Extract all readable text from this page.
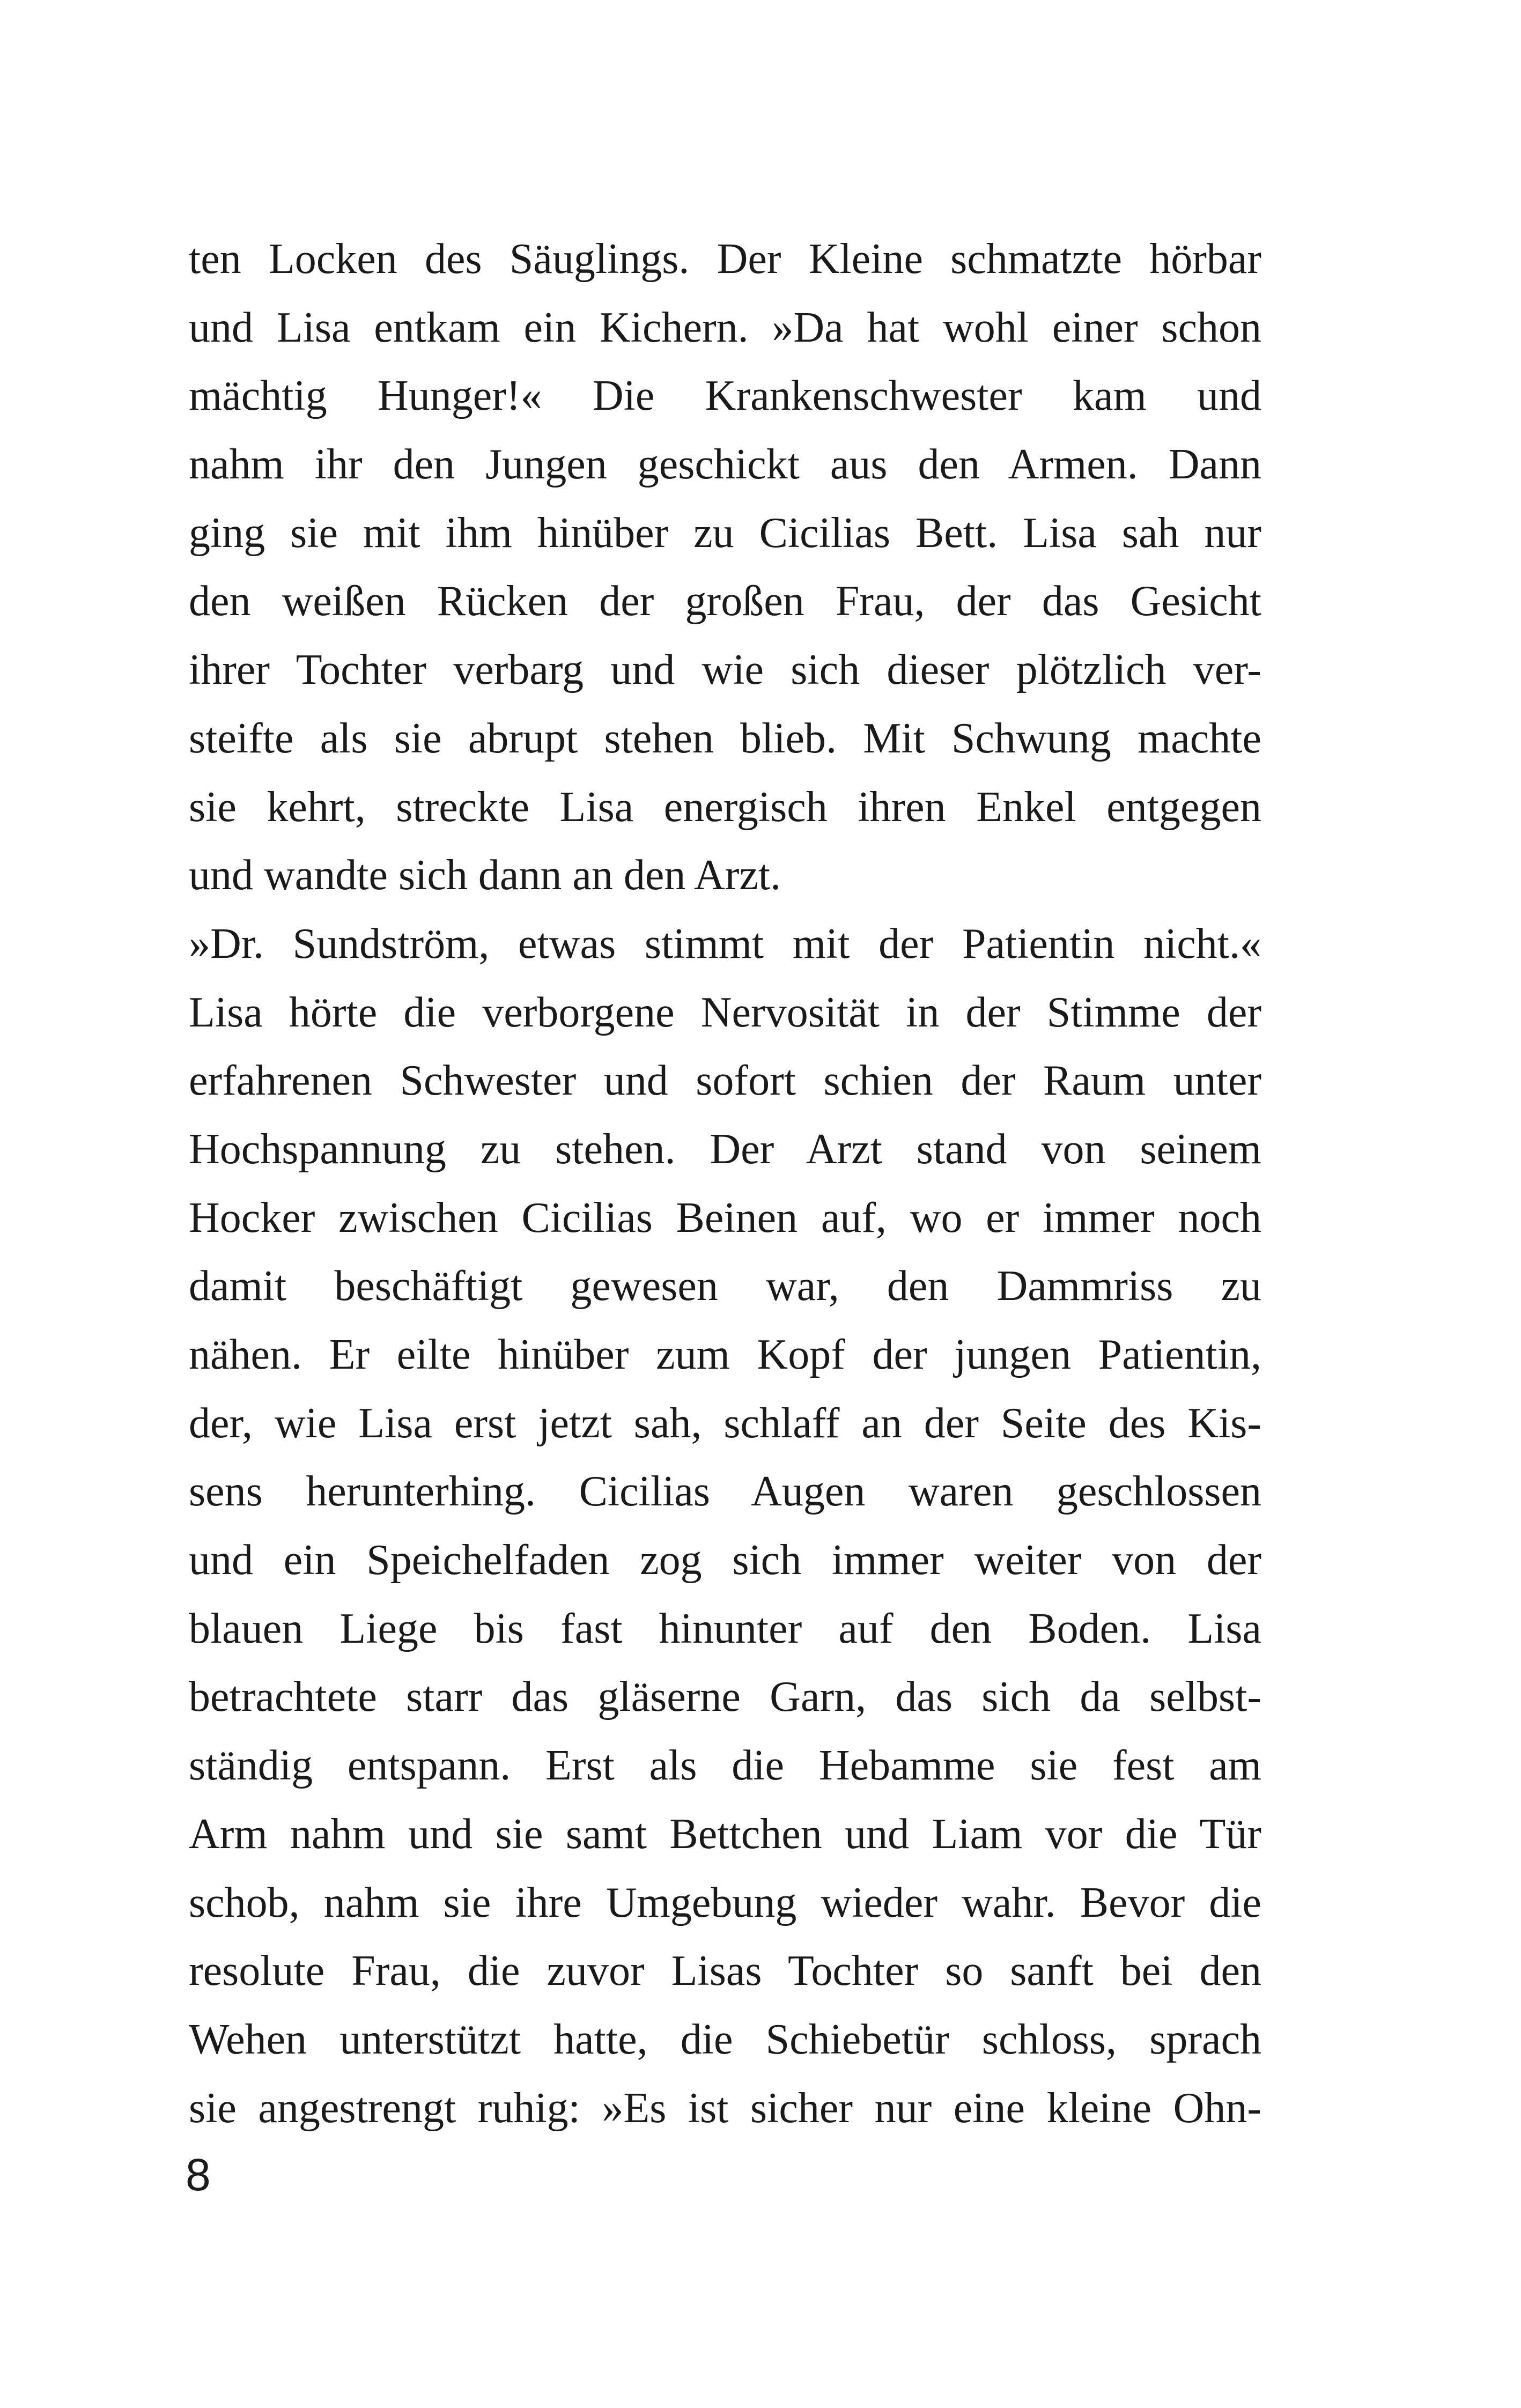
ten Locken des Säuglings. Der Kleine schmatzte hörbar
und Lisa entkam ein Kichern. »Da hat wohl einer schon
mächtig Hunger!« Die Krankenschwester kam und
nahm ihr den Jungen geschickt aus den Armen. Dann
ging sie mit ihm hinüber zu Cicilias Bett. Lisa sah nur
den weißen Rücken der großen Frau, der das Gesicht
ihrer Tochter verbarg und wie sich dieser plötzlich ver-
steifte als sie abrupt stehen blieb. Mit Schwung machte
sie kehrt, streckte Lisa energisch ihren Enkel entgegen
und wandte sich dann an den Arzt.
»Dr. Sundström, etwas stimmt mit der Patientin nicht.«
Lisa hörte die verborgene Nervosität in der Stimme der
erfahrenen Schwester und sofort schien der Raum unter
Hochspannung zu stehen. Der Arzt stand von seinem
Hocker zwischen Cicilias Beinen auf, wo er immer noch
damit beschäftigt gewesen war, den Dammriss zu
nähen. Er eilte hinüber zum Kopf der jungen Patientin,
der, wie Lisa erst jetzt sah, schlaff an der Seite des Kis-
sens herunterhing. Cicilias Augen waren geschlossen
und ein Speichelfaden zog sich immer weiter von der
blauen Liege bis fast hinunter auf den Boden. Lisa
betrachtete starr das gläserne Garn, das sich da selbst-
ständig entspann. Erst als die Hebamme sie fest am
Arm nahm und sie samt Bettchen und Liam vor die Tür
schob, nahm sie ihre Umgebung wieder wahr. Bevor die
resolute Frau, die zuvor Lisas Tochter so sanft bei den
Wehen unterstützt hatte, die Schiebetür schloss, sprach
sie angestrengt ruhig: »Es ist sicher nur eine kleine Ohn-
8
